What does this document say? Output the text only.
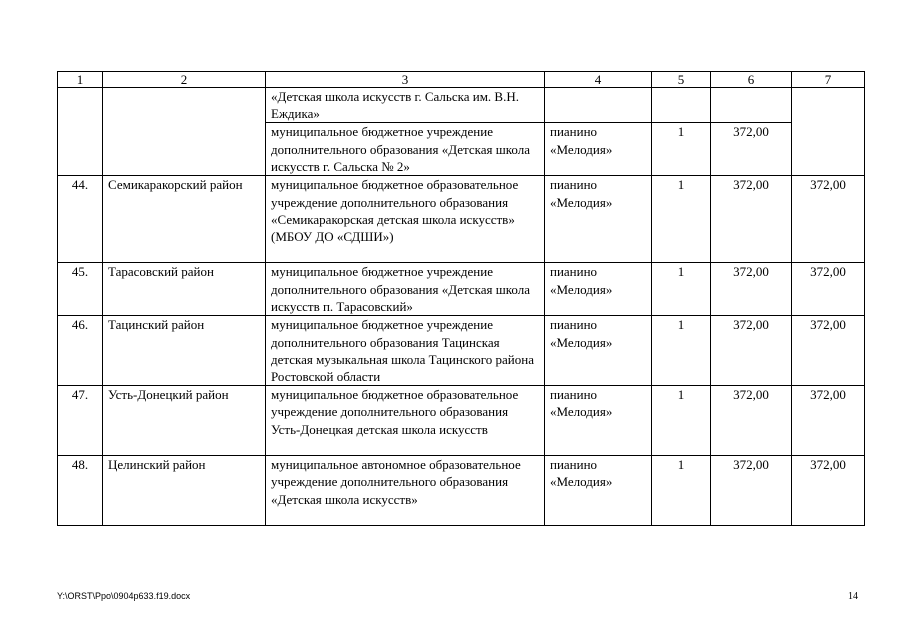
1	2	3	4	5	6	7
		«Детская школа искусств г. Сальска им. В.Н. Еждика»				
		муниципальное бюджетное учреждение дополнительного образования «Детская школа искусств г. Сальска № 2»	пианино «Мелодия»	1	372,00	
44.	Семикаракорский район	муниципальное бюджетное образовательное учреждение дополнительного образования «Семикаракорская детская школа искусств» (МБОУ ДО «СДШИ»)	пианино «Мелодия»	1	372,00	372,00
45.	Тарасовский район	муниципальное бюджетное учреждение дополнительного образования «Детская школа искусств п. Тарасовский»	пианино «Мелодия»	1	372,00	372,00
46.	Тацинский район	муниципальное бюджетное учреждение дополнительного образования Тацинская детская музыкальная школа Тацинского района Ростовской области	пианино «Мелодия»	1	372,00	372,00
47.	Усть-Донецкий район	муниципальное бюджетное образовательное учреждение дополнительного образования Усть-Донецкая детская школа искусств	пианино «Мелодия»	1	372,00	372,00
48.	Целинский район	муниципальное автономное образовательное учреждение дополнительного образования «Детская школа искусств»	пианино «Мелодия»	1	372,00	372,00
Y:\ORST\Ppo\0904p633.f19.docx	14
